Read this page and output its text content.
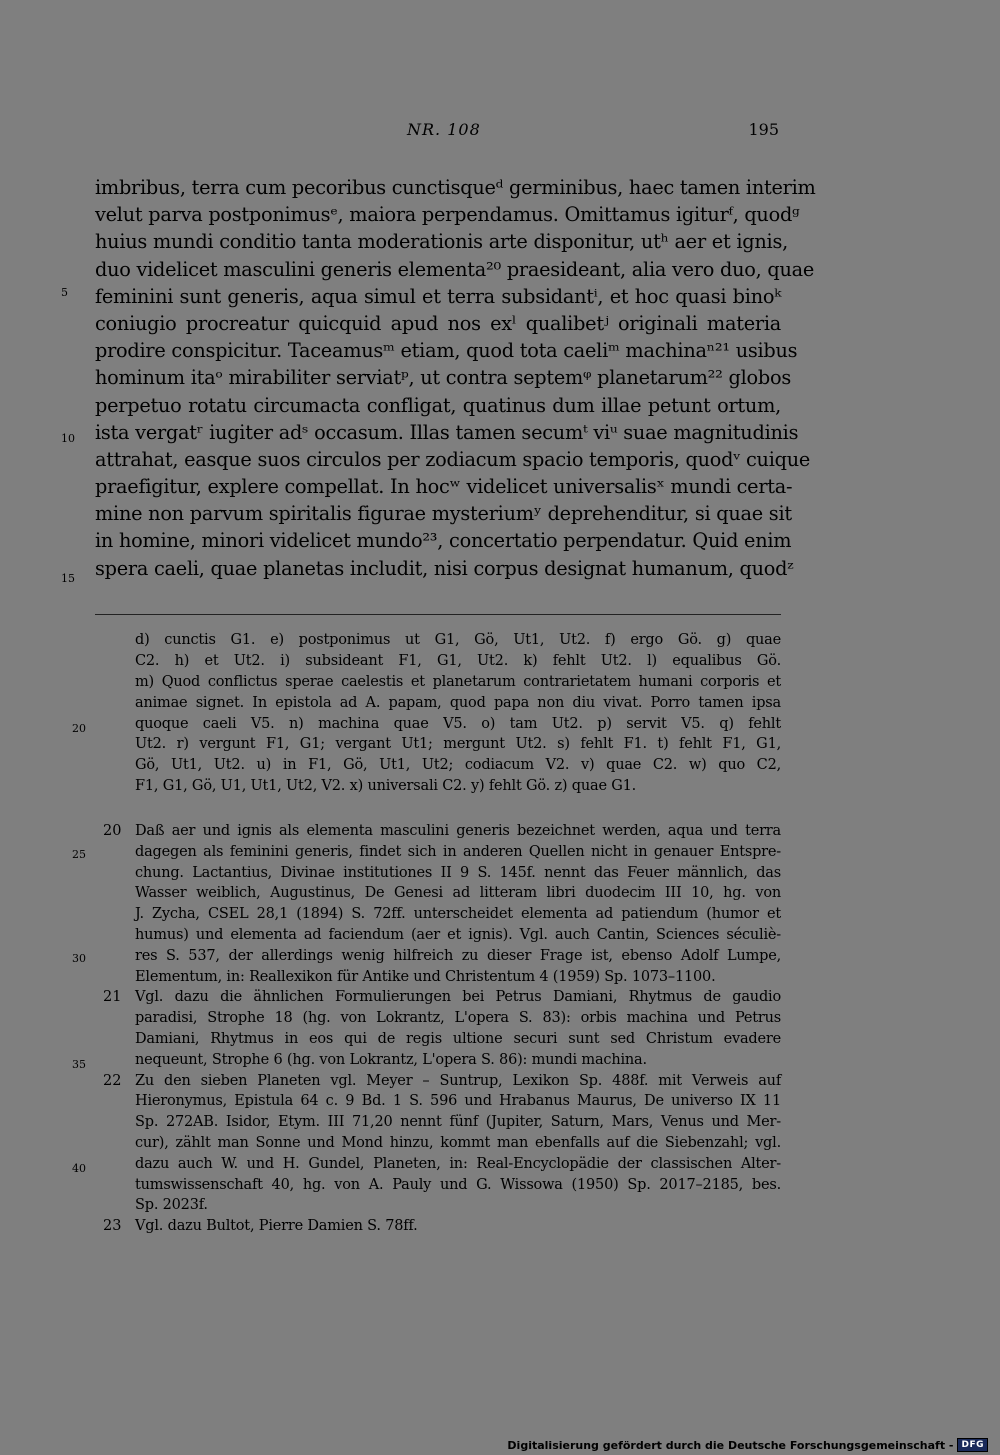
NR. 108	195
imbribus, terra cum pecoribus cunctisqueᵈ germinibus, haec tamen interim
velut parva postponimusᵉ, maiora perpendamus. Omittamus igiturᶠ, quodᵍ
huius mundi conditio tanta moderationis arte disponitur, utʰ aer et ignis,
duo videlicet masculini generis elementa²⁰ praesideant, alia vero duo, quae
feminini sunt generis, aqua simul et terra subsidantⁱ, et hoc quasi binoᵏ
coniugio procreatur quicquid apud nos exˡ qualibetʲ originali materia
prodire conspicitur. Taceamusᵐ etiam, quod tota caeliᵐ machinaⁿ²¹ usibus
hominum itaᵒ mirabiliter serviatᵖ, ut contra septemᵠ planetarum²² globos
perpetuo rotatu circumacta confligat, quatinus dum illae petunt ortum,
ista vergatʳ iugiter adˢ occasum. Illas tamen secumᵗ viᵘ suae magnitudinis
attrahat, easque suos circulos per zodiacum spacio temporis, quodᵛ cuique
praefigitur, explere compellat. In hocʷ videlicet universalisˣ mundi certa-
mine non parvum spiritalis figurae mysteriumʸ deprehenditur, si quae sit
in homine, minori videlicet mundo²³, concertatio perpendatur. Quid enim
spera caeli, quae planetas includit, nisi corpus designat humanum, quodᶻ
5
10
15
d) cunctis G1. e) postponimus ut G1, Gö, Ut1, Ut2. f) ergo Gö. g) quae
C2. h) et Ut2. i) subsideant F1, G1, Ut2. k) fehlt Ut2. l) equalibus Gö.
m) Quod conflictus sperae caelestis et planetarum contrarietatem humani corporis et
animae signet. In epistola ad A. papam, quod papa non diu vivat. Porro tamen ipsa
quoque caeli V5. n) machina quae V5. o) tam Ut2. p) servit V5. q) fehlt
Ut2. r) vergunt F1, G1; vergant Ut1; mergunt Ut2. s) fehlt F1. t) fehlt F1, G1,
Gö, Ut1, Ut2. u) in F1, Gö, Ut1, Ut2; codiacum V2. v) quae C2. w) quo C2,
F1, G1, Gö, U1, Ut1, Ut2, V2. x) universali C2. y) fehlt Gö. z) quae G1.
20 Daß aer und ignis als elementa masculini generis bezeichnet werden, aqua und terra
dagegen als feminini generis, findet sich in anderen Quellen nicht in genauer Entspre-
chung. Lactantius, Divinae institutiones II 9 S. 145f. nennt das Feuer männlich, das
Wasser weiblich, Augustinus, De Genesi ad litteram libri duodecim III 10, hg. von
J. Zycha, CSEL 28,1 (1894) S. 72ff. unterscheidet elementa ad patiendum (humor et
humus) und elementa ad faciendum (aer et ignis). Vgl. auch Cantin, Sciences séculiè-
res S. 537, der allerdings wenig hilfreich zu dieser Frage ist, ebenso Adolf Lumpe,
Elementum, in: Reallexikon für Antike und Christentum 4 (1959) Sp. 1073–1100.
21 Vgl. dazu die ähnlichen Formulierungen bei Petrus Damiani, Rhytmus de gaudio
paradisi, Strophe 18 (hg. von Lokrantz, L'opera S. 83): orbis machina und Petrus
Damiani, Rhytmus in eos qui de regis ultione securi sunt sed Christum evadere
nequeunt, Strophe 6 (hg. von Lokrantz, L'opera S. 86): mundi machina.
22 Zu den sieben Planeten vgl. Meyer – Suntrup, Lexikon Sp. 488f. mit Verweis auf
Hieronymus, Epistula 64 c. 9 Bd. 1 S. 596 und Hrabanus Maurus, De universo IX 11
Sp. 272AB. Isidor, Etym. III 71,20 nennt fünf (Jupiter, Saturn, Mars, Venus und Mer-
cur), zählt man Sonne und Mond hinzu, kommt man ebenfalls auf die Siebenzahl; vgl.
dazu auch W. und H. Gundel, Planeten, in: Real-Encyclopädie der classischen Alter-
tumswissenschaft 40, hg. von A. Pauly und G. Wissowa (1950) Sp. 2017–2185, bes.
Sp. 2023f.
23 Vgl. dazu Bultot, Pierre Damien S. 78ff.
20
25
30
35
40
Digitalisierung gefördert durch die Deutsche Forschungsgemeinschaft - DFG
